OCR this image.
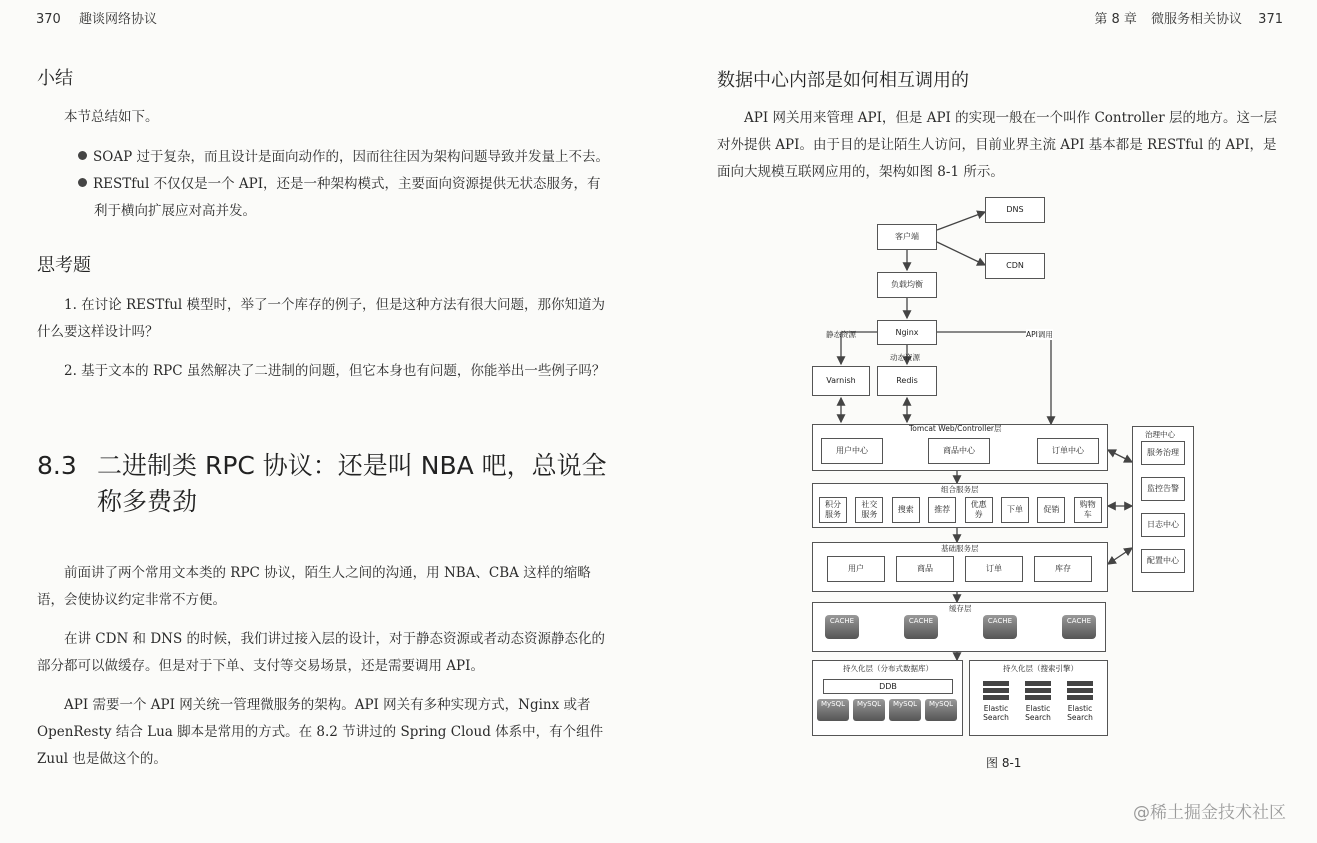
370 趣谈网络协议
小结
本节总结如下。

SOAP 过于复杂，而且设计是面向动作的，因而往往因为架构问题导致并发量上不去。

RESTful 不仅仅是一个 API，还是一种架构模式，主要面向资源提供无状态服务，有利于横向扩展应对高并发。

思考题

1. 在讨论 RESTful 模型时，举了一个库存的例子，但是这种方法有很大问题，那你知道为什么要这样设计吗？

2. 基于文本的 RPC 虽然解决了二进制的问题，但它本身也有问题，你能举出一些例子吗？

8.3 二进制类 RPC 协议：还是叫 NBA 吧，总说全
称多费劲

前面讲了两个常用文本类的 RPC 协议，陌生人之间的沟通，用 NBA、CBA 这样的缩略语，会使协议约定非常不方便。

在讲 CDN 和 DNS 的时候，我们讲过接入层的设计，对于静态资源或者动态资源静态化的部分都可以做缓存。但是对于下单、支付等交易场景，还是需要调用 API。

API 需要一个 API 网关统一管理微服务的架构。API 网关有多种实现方式，Nginx 或者 OpenResty 结合 Lua 脚本是常用的方式。在 8.2 节讲过的 Spring Cloud 体系中，有个组件 Zuul 也是做这个的。

第 8 章 微服务相关协议 371
数据中心内部是如何相互调用的

API 网关用来管理 API，但是 API 的实现一般在一个叫作 Controller 层的地方。这一层对外提供 API。由于目的是让陌生人访问，目前业界主流 API 基本都是 RESTful 的 API，是面向大规模互联网应用的，架构如图 8-1 所示。

客户端
DNS
CDN
负载均衡
Nginx
静态资源
动态资源
API调用
Varnish	Redis
Tomcat Web/Controller层
用户中心	商品中心	订单中心
组合服务层
积分
服务
社交
服务
搜索	推荐
优惠
券
下单	促销
购物
车
基础服务层
用户	商品	订单	库存
缓存层
CACHE	CACHE	CACHE	CACHE
持久化层（分布式数据库）
DDB
MySQL	MySQL	MySQL	MySQL
持久化层（搜索引擎）
Elastic
Search
Elastic
Search
Elastic
Search
治理中心
服务治理
监控告警
日志中心
配置中心
图 8-1
@稀土掘金技术社区
